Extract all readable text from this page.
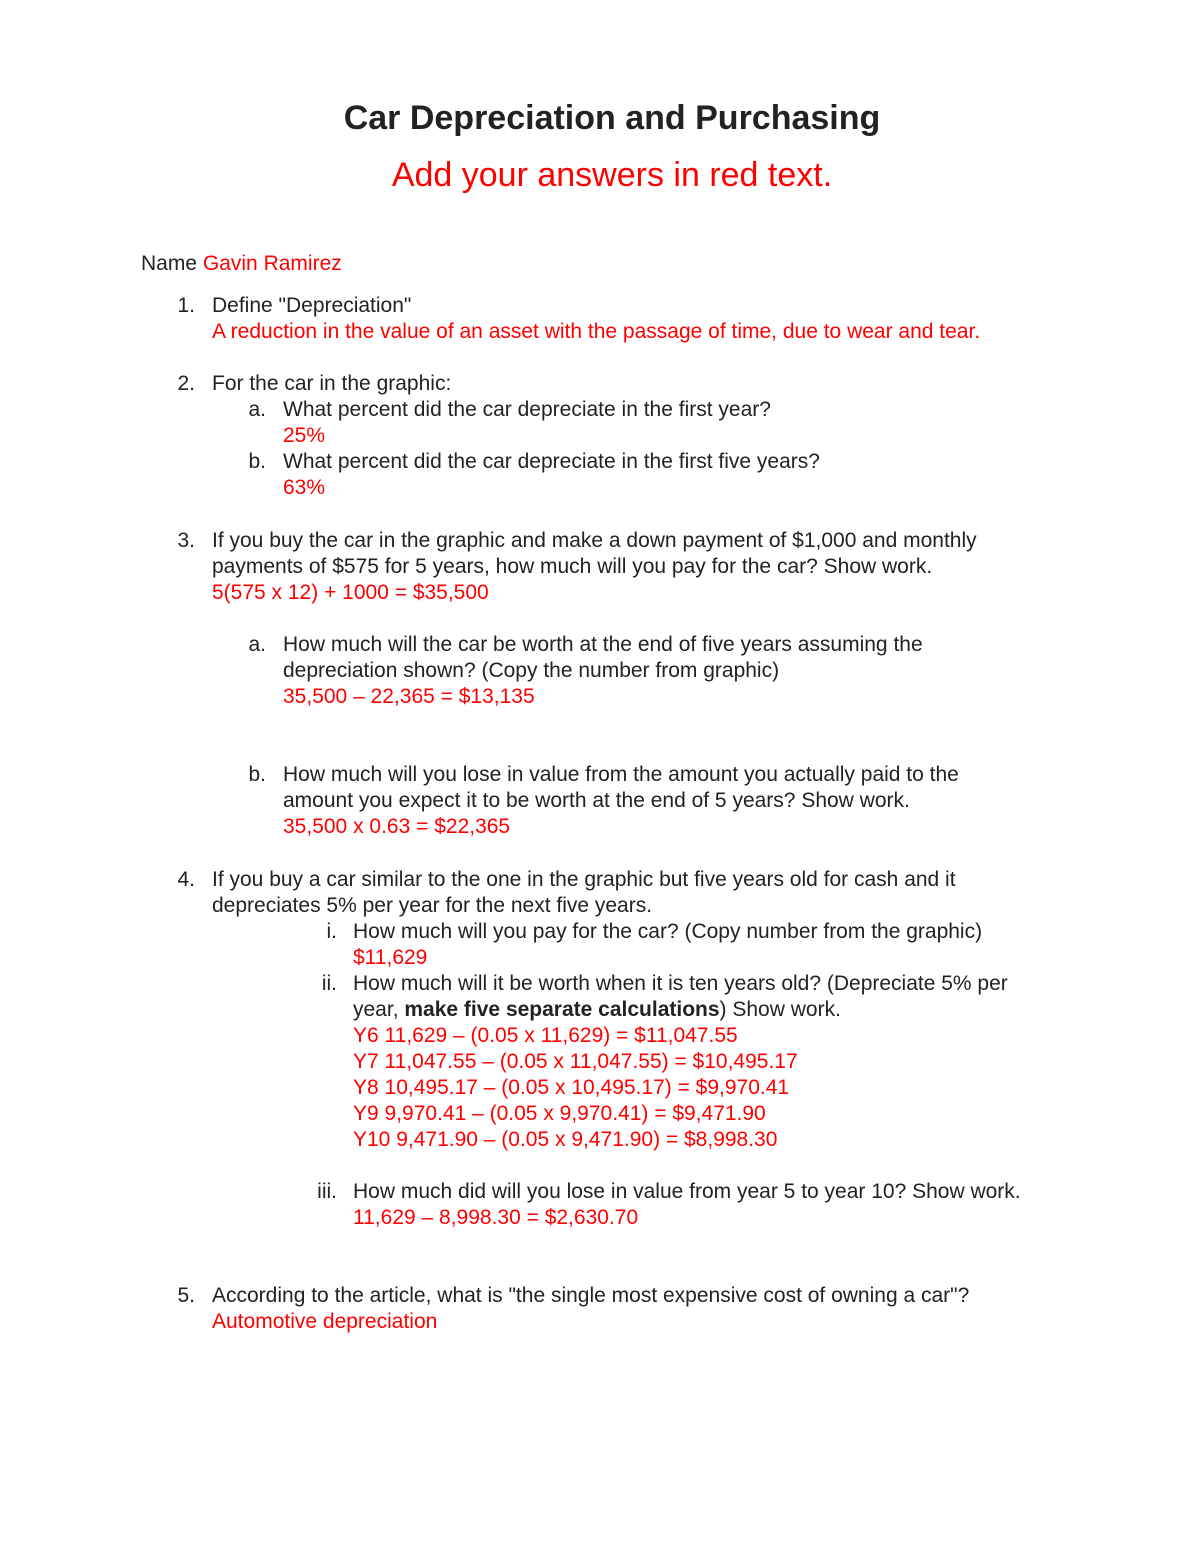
Car Depreciation and Purchasing
Add your answers in red text.
Name Gavin Ramirez
1. Define "Depreciation"
A reduction in the value of an asset with the passage of time, due to wear and tear.
2. For the car in the graphic:
a. What percent did the car depreciate in the first year?
25%
b. What percent did the car depreciate in the first five years?
63%
3. If you buy the car in the graphic and make a down payment of $1,000 and monthly
payments of $575 for 5 years, how much will you pay for the car? Show work.
5(575 x 12) + 1000 = $35,500
a. How much will the car be worth at the end of five years assuming the
depreciation shown? (Copy the number from graphic)
35,500 – 22,365 = $13,135
b. How much will you lose in value from the amount you actually paid to the
amount you expect it to be worth at the end of 5 years? Show work.
35,500 x 0.63 = $22,365
4. If you buy a car similar to the one in the graphic but five years old for cash and it
depreciates 5% per year for the next five years.
i. How much will you pay for the car? (Copy number from the graphic)
$11,629
ii. How much will it be worth when it is ten years old? (Depreciate 5% per
year, make five separate calculations) Show work.
Y6 11,629 – (0.05 x 11,629) = $11,047.55
Y7 11,047.55 – (0.05 x 11,047.55) = $10,495.17
Y8 10,495.17 – (0.05 x 10,495.17) = $9,970.41
Y9 9,970.41 – (0.05 x 9,970.41) = $9,471.90
Y10 9,471.90 – (0.05 x 9,471.90) = $8,998.30
iii. How much did will you lose in value from year 5 to year 10? Show work.
11,629 – 8,998.30 = $2,630.70
5. According to the article, what is "the single most expensive cost of owning a car"?
Automotive depreciation
